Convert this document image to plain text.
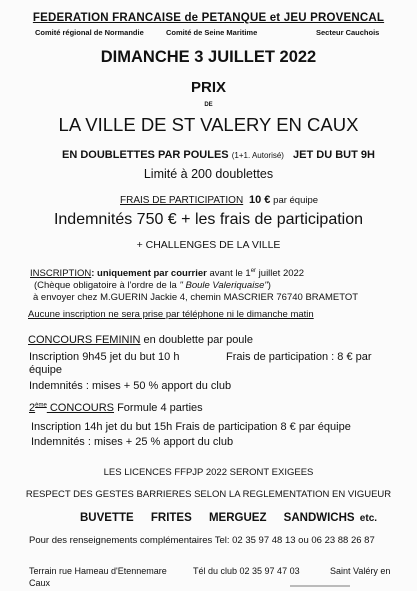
FEDERATION FRANCAISE de PETANQUE et JEU PROVENCAL
Comité régional de Normandie	Comité de Seine Maritime	Secteur Cauchois
DIMANCHE 3 JUILLET 2022
PRIX
DE
LA VILLE DE ST VALERY EN CAUX
EN DOUBLETTES PAR POULES (1+1. Autorisé) JET DU BUT 9H
Limité à 200 doublettes
FRAIS DE PARTICIPATION 10 € par équipe
Indemnités 750 € + les frais de participation
+ CHALLENGES DE LA VILLE
INSCRIPTION: uniquement par courrier avant le 1er juillet 2022
(Chèque obligatoire à l'ordre de la " Boule Valeriquaise")
à envoyer chez M.GUERIN Jackie 4, chemin MASCRIER 76740 BRAMETOT
Aucune inscription ne sera prise par téléphone ni le dimanche matin
CONCOURS FEMININ en doublette par poule
Inscription 9h45 jet du but 10 h	Frais de participation : 8 € par
équipe
Indemnités : mises + 50 % apport du club
2ème CONCOURS Formule 4 parties
Inscription 14h jet du but 15h Frais de participation 8 € par équipe
Indemnités : mises + 25 % apport du club
LES LICENCES FFPJP 2022 SERONT EXIGEES
RESPECT DES GESTES BARRIERES SELON LA REGLEMENTATION EN VIGUEUR
BUVETTE FRITES MERGUEZ SANDWICHS etc.
Pour des renseignements complémentaires Tel: 02 35 97 48 13 ou 06 23 88 26 87
Terrain rue Hameau d'Etennemare	Tél du club 02 35 97 47 03	Saint Valéry en
Caux
